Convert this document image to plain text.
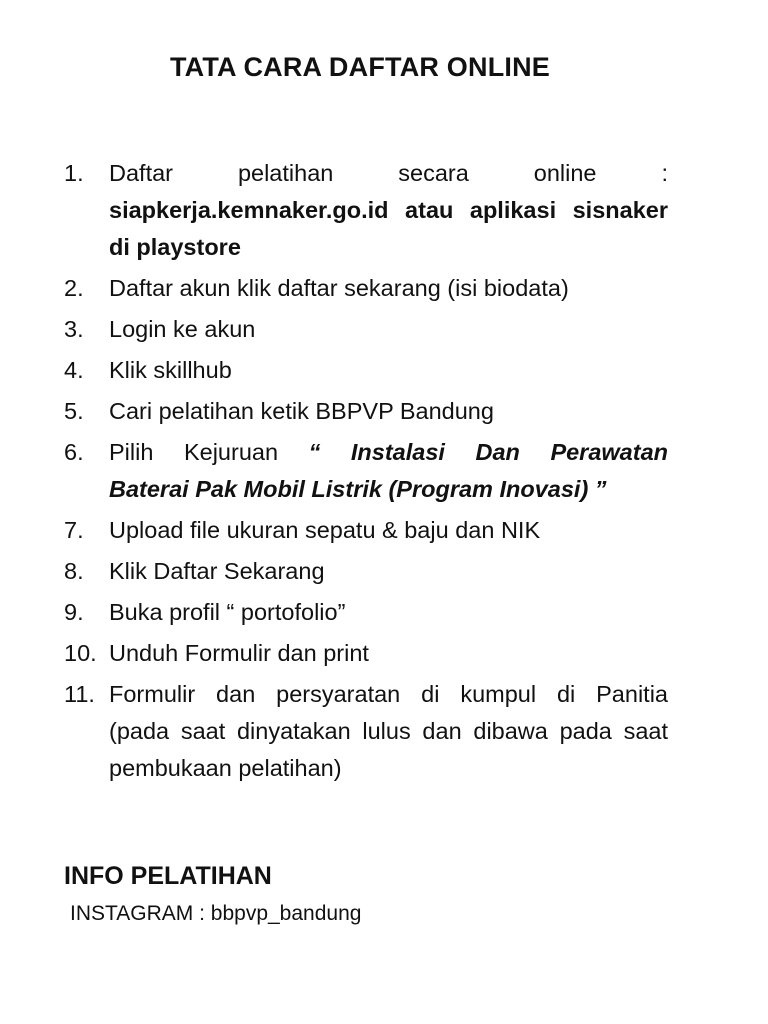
TATA CARA DAFTAR ONLINE
1. Daftar pelatihan secara online :
siapkerja.kemnaker.go.id atau aplikasi sisnaker
di playstore
2. Daftar akun klik daftar sekarang (isi biodata)
3. Login ke akun
4. Klik skillhub
5. Cari pelatihan ketik BBPVP Bandung
6. Pilih Kejuruan “ Instalasi Dan Perawatan
Baterai Pak Mobil Listrik (Program Inovasi) ”
7. Upload file ukuran sepatu & baju dan NIK
8. Klik Daftar Sekarang
9. Buka profil “ portofolio”
10. Unduh Formulir dan print
11. Formulir dan persyaratan di kumpul di Panitia
(pada saat dinyatakan lulus dan dibawa pada saat
pembukaan pelatihan)
INFO PELATIHAN
INSTAGRAM : bbpvp_bandung
